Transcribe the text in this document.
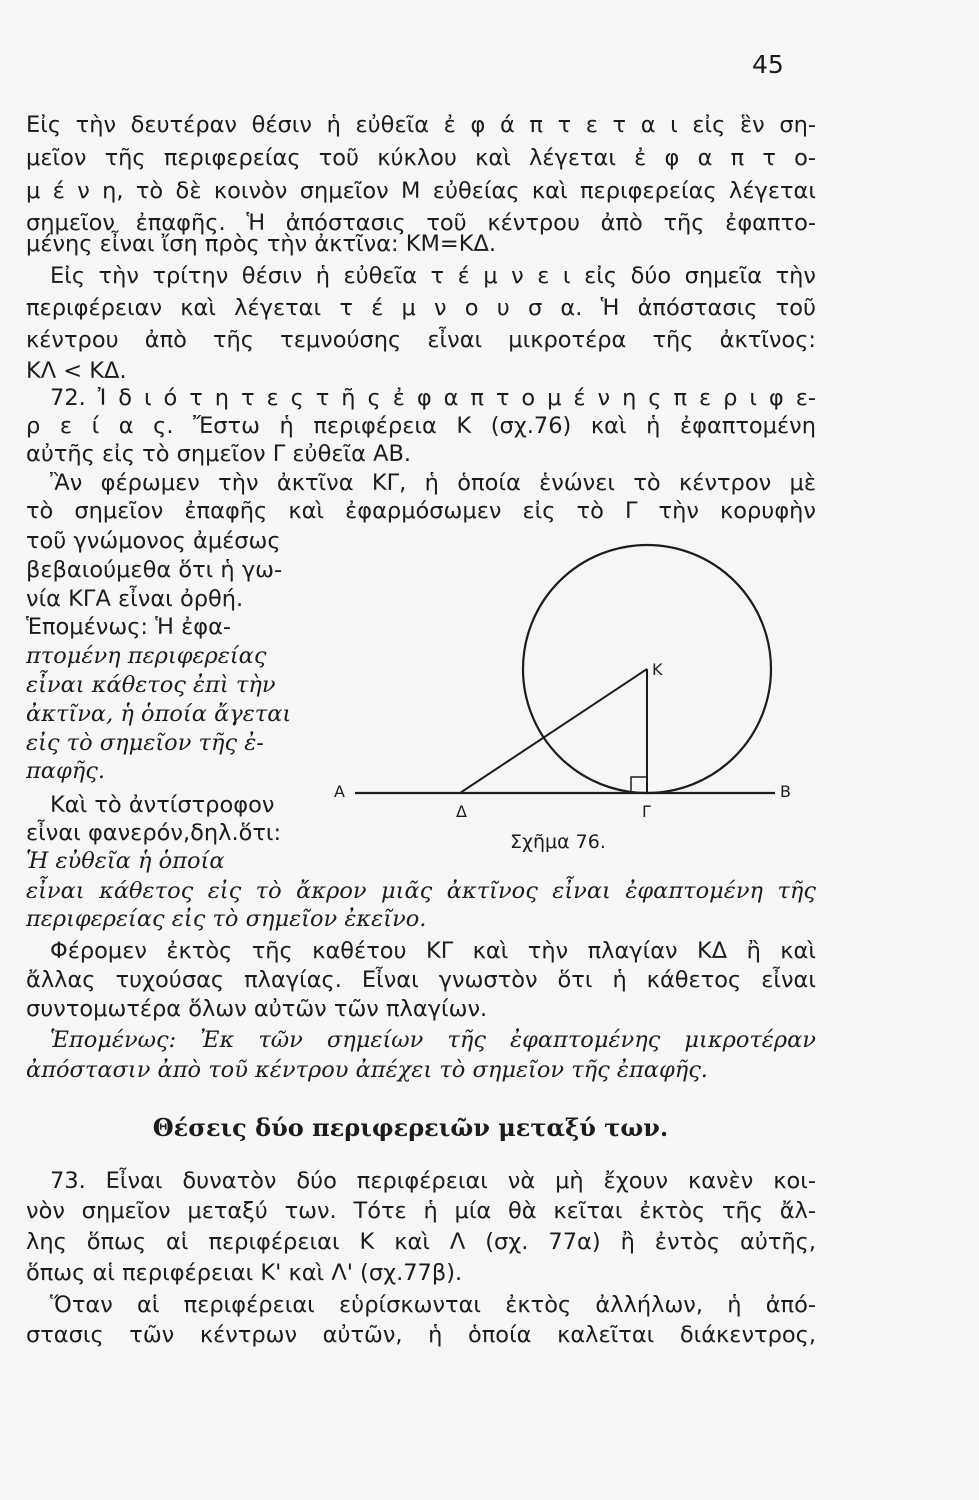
45
Εἰς τὴν δευτέραν θέσιν ἡ εὐθεῖα ἐ φ ά π τ ε τ α ι εἰς ἓν ση-
μεῖον τῆς περιφερείας τοῦ κύκλου καὶ λέγεται ἐ φ α π τ ο-
μ έ ν η, τὸ δὲ κοινὸν σημεῖον Μ εὐθείας καὶ περιφερείας λέγεται
σημεῖον ἐπαφῆς. Ἡ ἀπόστασις τοῦ κέντρου ἀπὸ τῆς ἐφαπτο-
μένης εἶναι ἴση πρὸς τὴν ἀκτῖνα: ΚΜ=ΚΔ.
Εἰς τὴν τρίτην θέσιν ἡ εὐθεῖα τ έ μ ν ε ι εἰς δύο σημεῖα τὴν
περιφέρειαν καὶ λέγεται τ έ μ ν ο υ σ α. Ἡ ἀπόστασις τοῦ
κέντρου ἀπὸ τῆς τεμνούσης εἶναι μικροτέρα τῆς ἀκτῖνος:
ΚΛ < ΚΔ.
72. Ἰ δ ι ό τ η τ ε ς τ ῆ ς ἐ φ α π τ ο μ έ ν η ς π ε ρ ι φ ε-
ρ ε ί α ς. Ἔστω ἡ περιφέρεια Κ (σχ.76) καὶ ἡ ἐφαπτομένη
αὐτῆς εἰς τὸ σημεῖον Γ εὐθεῖα ΑΒ.
Ἂν φέρωμεν τὴν ἀκτῖνα ΚΓ, ἡ ὁποία ἑνώνει τὸ κέντρον μὲ
τὸ σημεῖον ἐπαφῆς καὶ ἐφαρμόσωμεν εἰς τὸ Γ τὴν κορυφὴν
τοῦ γνώμονος ἀμέσως
βεβαιούμεθα ὅτι ἡ γω-
νία ΚΓΑ εἶναι ὀρθή.
Ἑπομένως: Ἡ ἐφα-
πτομένη περιφερείας
εἶναι κάθετος ἐπὶ τὴν
ἀκτῖνα, ἡ ὁποία ἄγεται
εἰς τὸ σημεῖον τῆς ἐ-
παφῆς.
Καὶ τὸ ἀντίστροφον
εἶναι φανερόν,δηλ.ὅτι:
Ἡ εὐθεῖα ἡ ὁποία
Α	Β
Κ
Δ	Γ
Σχῆμα 76.
εἶναι κάθετος εἰς τὸ ἄκρον μιᾶς ἀκτῖνος εἶναι ἐφαπτομένη τῆς
περιφερείας εἰς τὸ σημεῖον ἐκεῖνο.
Φέρομεν ἐκτὸς τῆς καθέτου ΚΓ καὶ τὴν πλαγίαν ΚΔ ἢ καὶ
ἄλλας τυχούσας πλαγίας. Εἶναι γνωστὸν ὅτι ἡ κάθετος εἶναι
συντομωτέρα ὅλων αὐτῶν τῶν πλαγίων.
Ἑπομένως: Ἐκ τῶν σημείων τῆς ἐφαπτομένης μικροτέραν
ἀπόστασιν ἀπὸ τοῦ κέντρου ἀπέχει τὸ σημεῖον τῆς ἐπαφῆς.
Θέσεις δύο περιφερειῶν μεταξύ των.
73. Εἶναι δυνατὸν δύο περιφέρειαι νὰ μὴ ἔχουν κανὲν κοι-
νὸν σημεῖον μεταξύ των. Τότε ἡ μία θὰ κεῖται ἐκτὸς τῆς ἄλ-
λης ὅπως αἱ περιφέρειαι Κ καὶ Λ (σχ. 77α) ἢ ἐντὸς αὐτῆς,
ὅπως αἱ περιφέρειαι Κ' καὶ Λ' (σχ.77β).
Ὅταν αἱ περιφέρειαι εὑρίσκωνται ἐκτὸς ἀλλήλων, ἡ ἀπό-
στασις τῶν κέντρων αὐτῶν, ἡ ὁποία καλεῖται διάκεντρος,
